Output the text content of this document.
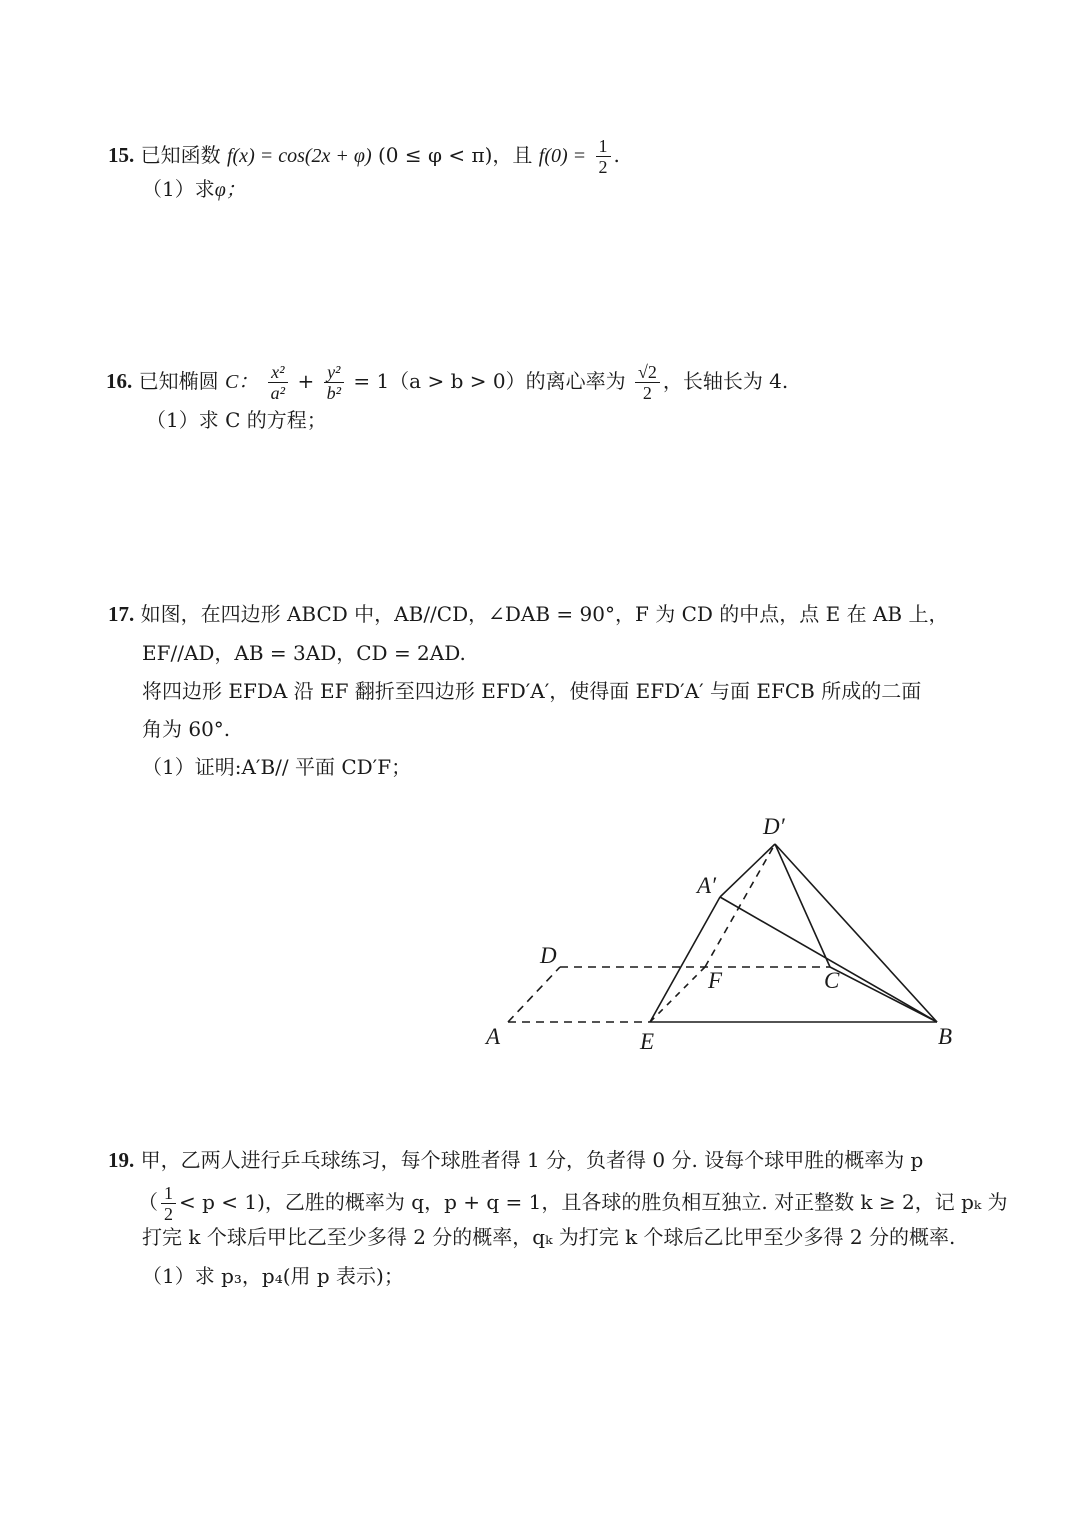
15. 已知函数 f(x) = cos(2x + φ) (0 ≤ φ < π)，且 $f(0) = \frac{1}{2}$ .
（1）求φ；
16. 已知椭圆 C： $\frac{\text{x²}}{\text{a²}} + \frac{\text{y²}}{\text{b²}} = 1(a > b > 0)$的离心率为 $\frac{√2}{2}$ ，长轴长为 4.
（1）求 C 的方程；
17. 如图，在四边形 ABCD 中，AB//CD，∠DAB = 90°，F 为 CD 的中点，点 E 在 AB 上，
EF//AD，AB = 3AD，CD = 2AD.
将四边形 EFDA 沿 EF 翻折至四边形 EFD′A′，使得面 EFD′A′ 与面 EFCB 所成的二面
角为 60°.
（1）证明:A′B// 平面 CD′F；
D′
A′
D
F	C
A	E	B
19. 甲，乙两人进行乒乓球练习，每个球胜者得 1 分，负者得 0 分. 设每个球甲胜的概率为 p
（ $\frac{1}{2} < p < 1$)，乙胜的概率为 q，p + q = 1，且各球的胜负相互独立. 对正整数 k ≥ 2，记 pₖ 为
打完 k 个球后甲比乙至少多得 2 分的概率，qₖ 为打完 k 个球后乙比甲至少多得 2 分的概率.
（1）求 p₃，p₄(用 p 表示)；
